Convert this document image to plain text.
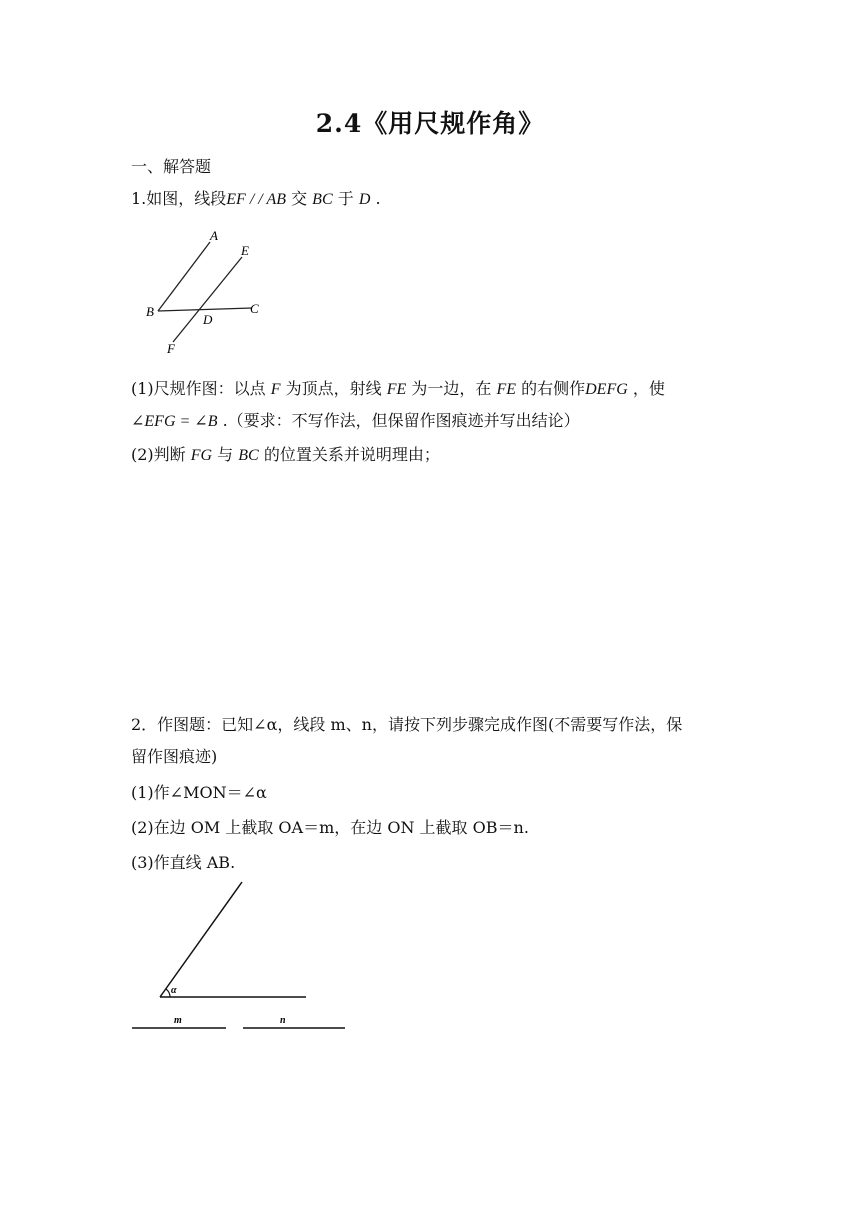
2.4《用尺规作角》
一、解答题
1.如图，线段EF / / AB 交 BC 于 D .
A
E
B	C
D
F
(1)尺规作图：以点 F 为顶点，射线 FE 为一边，在 FE 的右侧作DEFG ，使
∠EFG = ∠B .（要求：不写作法，但保留作图痕迹并写出结论）
(2)判断 FG 与 BC 的位置关系并说明理由；
2．作图题：已知∠α，线段 m、n，请按下列步骤完成作图(不需要写作法，保
留作图痕迹)
(1)作∠MON＝∠α
(2)在边 OM 上截取 OA＝m，在边 ON 上截取 OB＝n.
(3)作直线 AB.
α
m	n
